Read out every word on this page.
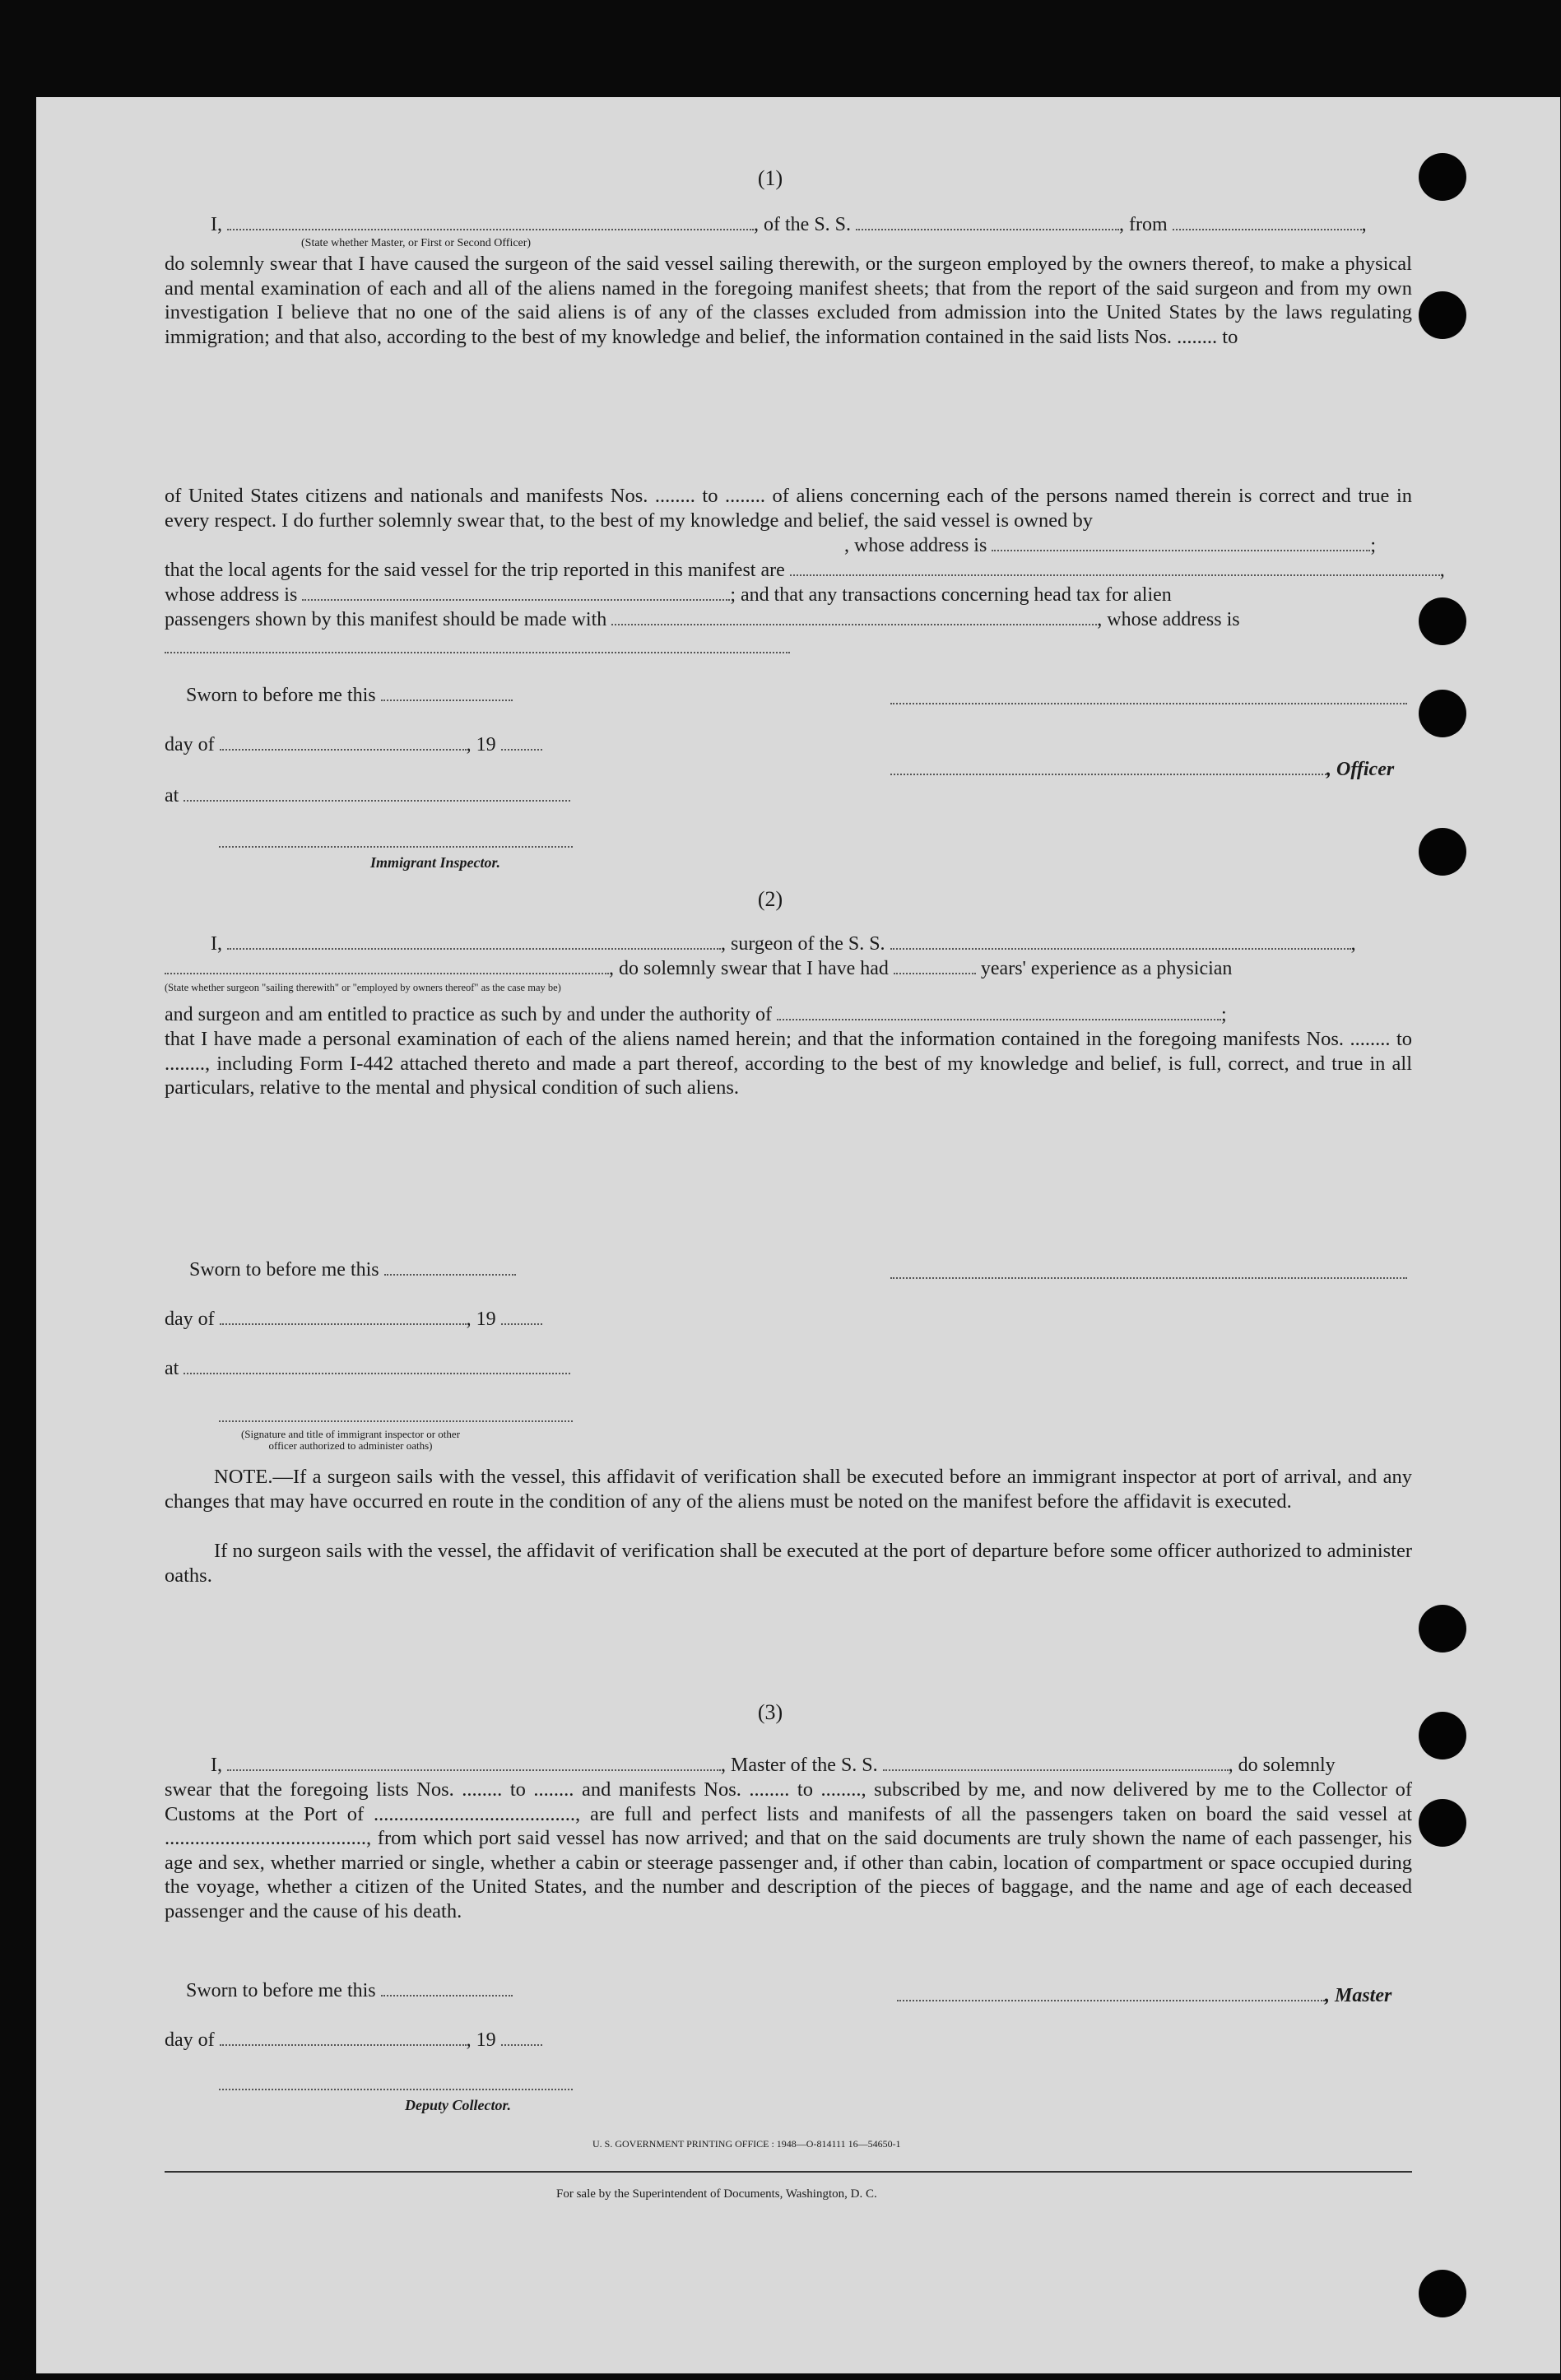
(1)
I,	, of the S. S.	, from	,
(State whether Master, or First or Second Officer)
do solemnly swear that I have caused the surgeon of the said vessel sailing therewith, or the surgeon employed by the owners thereof, to make a physical and mental examination of each and all of the aliens named in the foregoing manifest sheets; that from the report of the said surgeon and from my own investigation I believe that no one of the said aliens is of any of the classes excluded from admission into the United States by the laws regulating immigration; and that also, according to the best of my knowledge and belief, the information contained in the said lists Nos. ........ to
of United States citizens and nationals and manifests Nos. ........ to ........ of aliens concerning each of the persons named therein is correct and true in every respect. I do further solemnly swear that, to the best of my knowledge and belief, the said vessel is owned by
, whose address is	;
that the local agents for the said vessel for the trip reported in this manifest are	,
whose address is	; and that any transactions concerning head tax for alien
passengers shown by this manifest should be made with	, whose address is
Sworn to before me this
day of	, 19
, Officer
at
Immigrant Inspector.
(2)
I,	, surgeon of the S. S.	,
, do solemnly swear that I have had	years' experience as a physician
(State whether surgeon "sailing therewith" or "employed by owners thereof" as the case may be)
and surgeon and am entitled to practice as such by and under the authority of	;
that I have made a personal examination of each of the aliens named herein; and that the information contained in the foregoing manifests Nos. ........ to ........, including Form I-442 attached thereto and made a part thereof, according to the best of my knowledge and belief, is full, correct, and true in all particulars, relative to the mental and physical condition of such aliens.
Sworn to before me this
day of	, 19
at
(Signature and title of immigrant inspector or other officer authorized to administer oaths)
NOTE.—If a surgeon sails with the vessel, this affidavit of verification shall be executed before an immigrant inspector at port of arrival, and any changes that may have occurred en route in the condition of any of the aliens must be noted on the manifest before the affidavit is executed.
If no surgeon sails with the vessel, the affidavit of verification shall be executed at the port of departure before some officer authorized to administer oaths.
(3)
I,	, Master of the S. S.	, do solemnly
swear that the foregoing lists Nos. ........ to ........ and manifests Nos. ........ to ........, subscribed by me, and now delivered by me to the Collector of Customs at the Port of ........................................, are full and perfect lists and manifests of all the passengers taken on board the said vessel at ........................................, from which port said vessel has now arrived; and that on the said documents are truly shown the name of each passenger, his age and sex, whether married or single, whether a cabin or steerage passenger and, if other than cabin, location of compartment or space occupied during the voyage, whether a citizen of the United States, and the number and description of the pieces of baggage, and the name and age of each deceased passenger and the cause of his death.
Sworn to before me this	, Master
day of	, 19
Deputy Collector.
U. S. GOVERNMENT PRINTING OFFICE : 1948—O-814111 16—54650-1
For sale by the Superintendent of Documents, Washington, D. C.
